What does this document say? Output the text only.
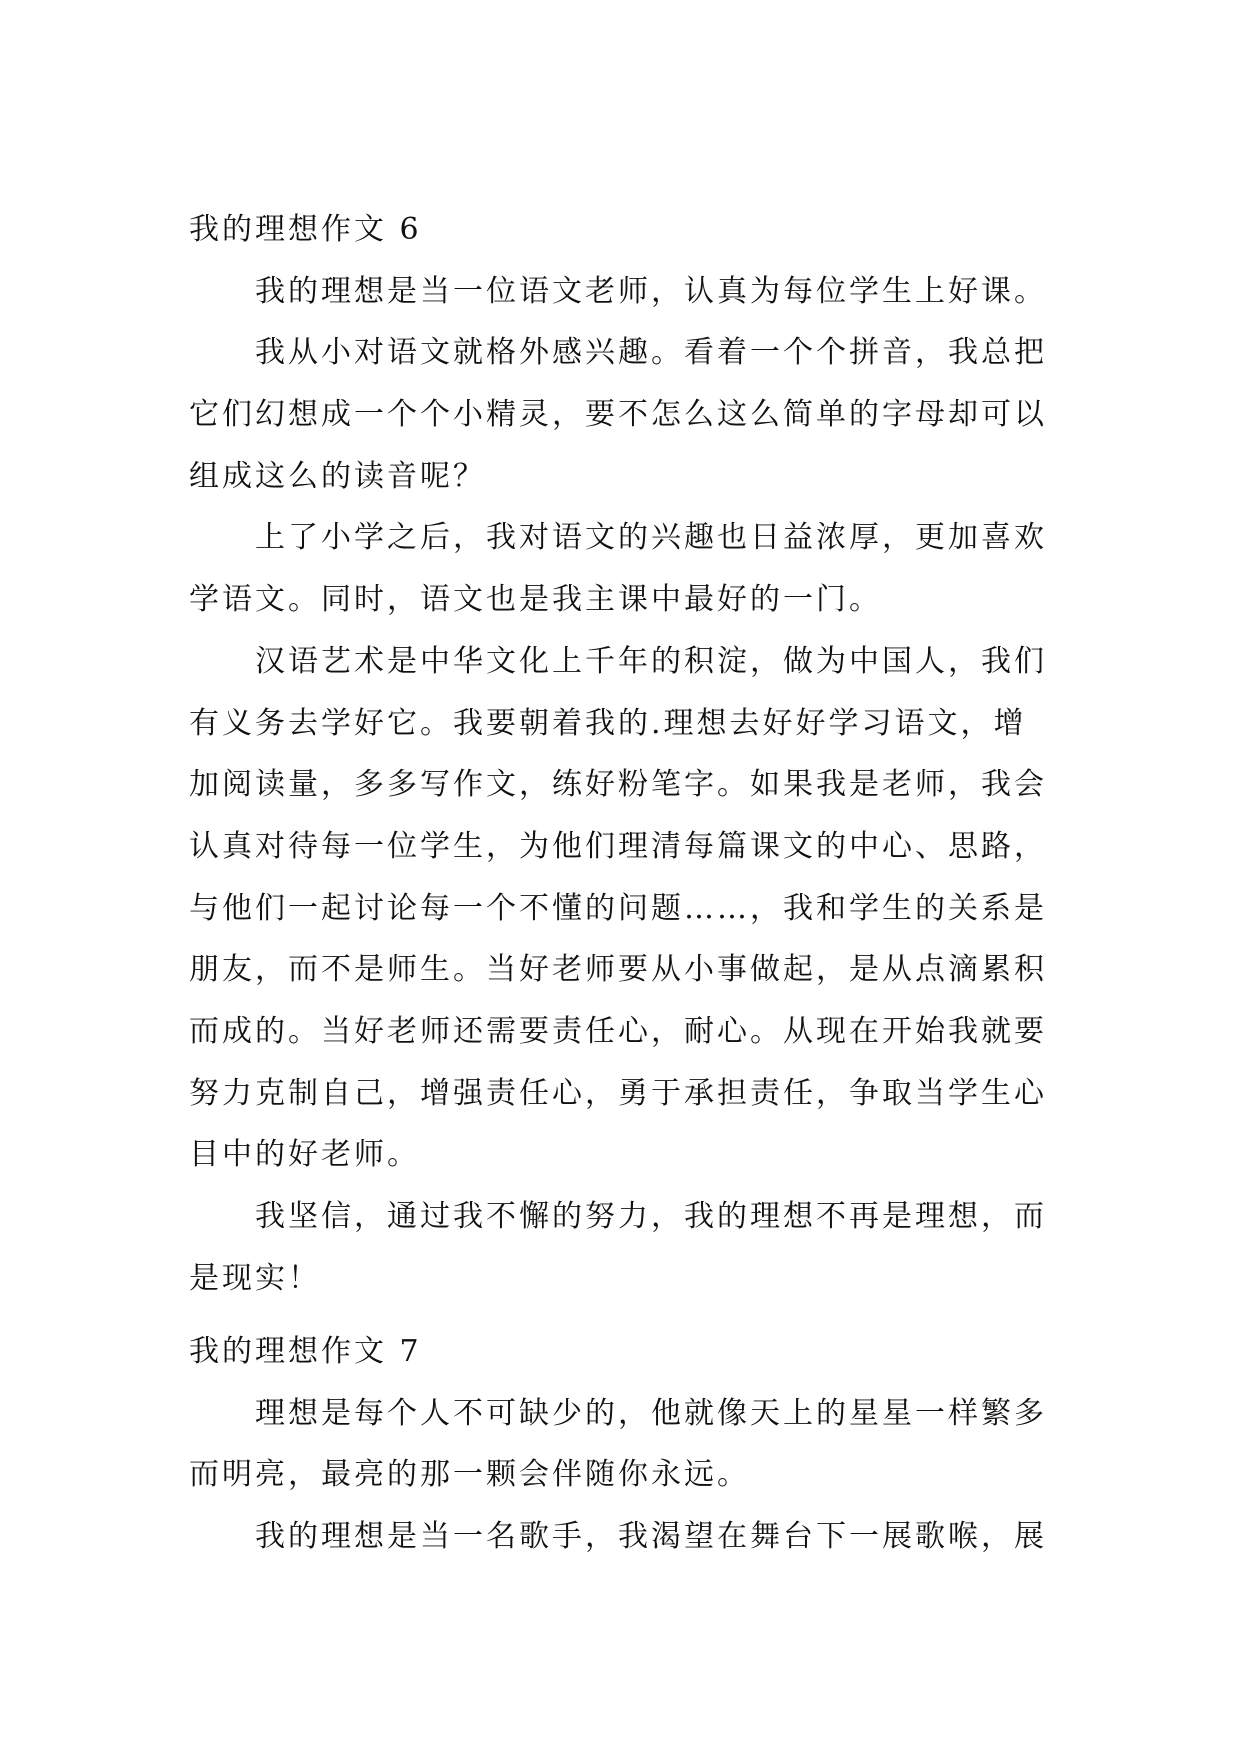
我的理想作文 6
我的理想是当一位语文老师，认真为每位学生上好课。
我从小对语文就格外感兴趣。看着一个个拼音，我总把
它们幻想成一个个小精灵，要不怎么这么简单的字母却可以
组成这么的读音呢？
上了小学之后，我对语文的兴趣也日益浓厚，更加喜欢
学语文。同时，语文也是我主课中最好的一门。
汉语艺术是中华文化上千年的积淀，做为中国人，我们
有义务去学好它。我要朝着我的.理想去好好学习语文，增
加阅读量，多多写作文，练好粉笔字。如果我是老师，我会
认真对待每一位学生，为他们理清每篇课文的中心、思路，
与他们一起讨论每一个不懂的问题……，我和学生的关系是
朋友，而不是师生。当好老师要从小事做起，是从点滴累积
而成的。当好老师还需要责任心，耐心。从现在开始我就要
努力克制自己，增强责任心，勇于承担责任，争取当学生心
目中的好老师。
我坚信，通过我不懈的努力，我的理想不再是理想，而
是现实！
我的理想作文 7
理想是每个人不可缺少的，他就像天上的星星一样繁多
而明亮，最亮的那一颗会伴随你永远。
我的理想是当一名歌手，我渴望在舞台下一展歌喉，展
